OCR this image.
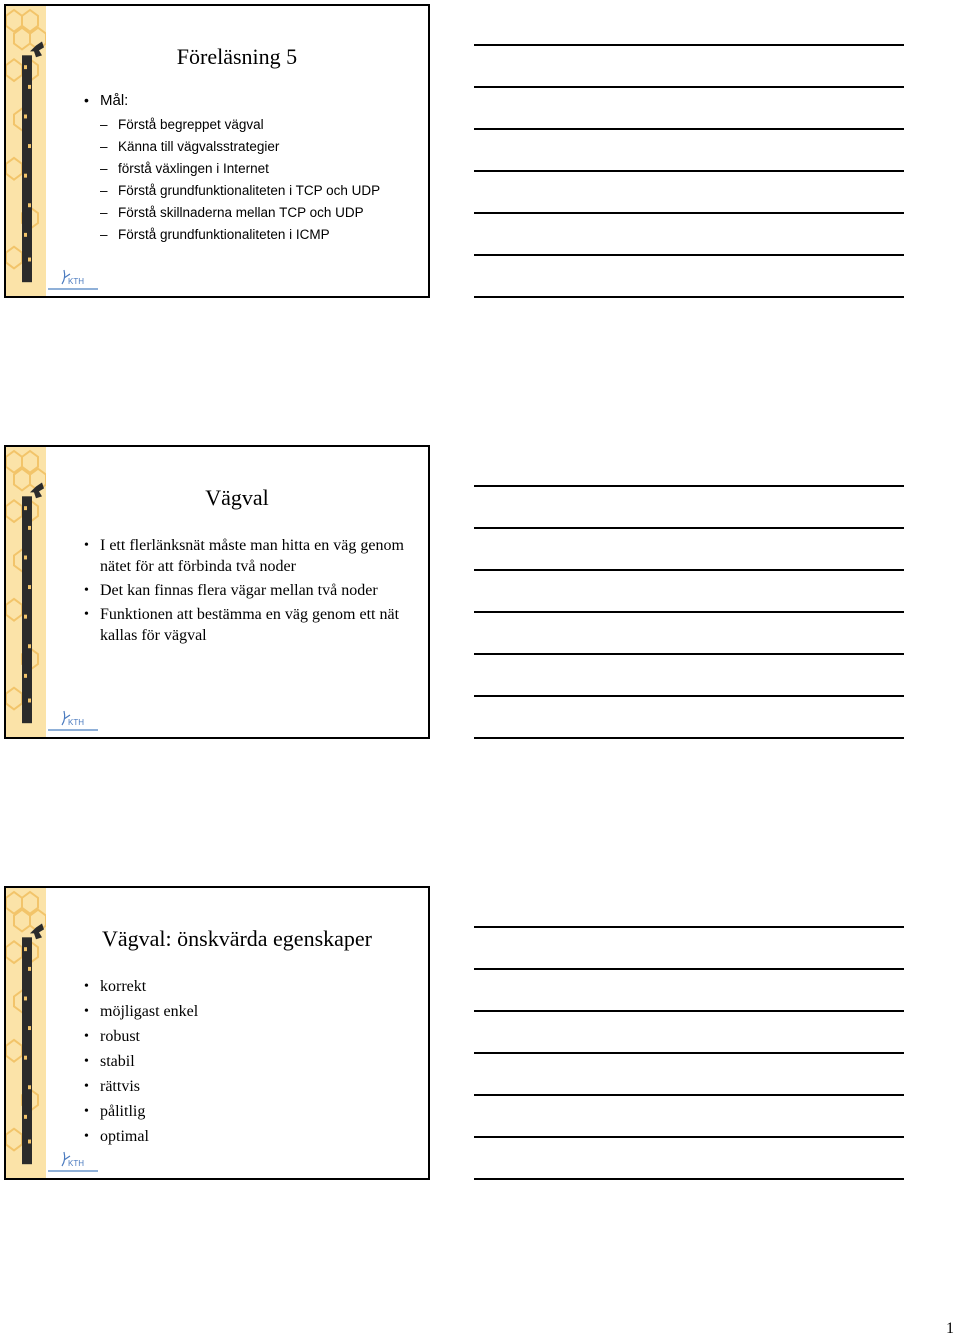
KTH
Föreläsning 5
• Mål:
– Förstå begreppet vägval
– Känna till vägvalsstrategier
– förstå växlingen i Internet
– Förstå grundfunktionaliteten i TCP och UDP
– Förstå skillnaderna mellan TCP och UDP
– Förstå grundfunktionaliteten i ICMP
KTH
Vägval
• I ett flerlänksnät måste man hitta en väg genom nätet för att förbinda två noder
• Det kan finnas flera vägar mellan två noder
• Funktionen att bestämma en väg genom ett nät kallas för vägval
KTH
Vägval: önskvärda egenskaper
• korrekt
• möjligast enkel
• robust
• stabil
• rättvis
• pålitlig
• optimal
1
